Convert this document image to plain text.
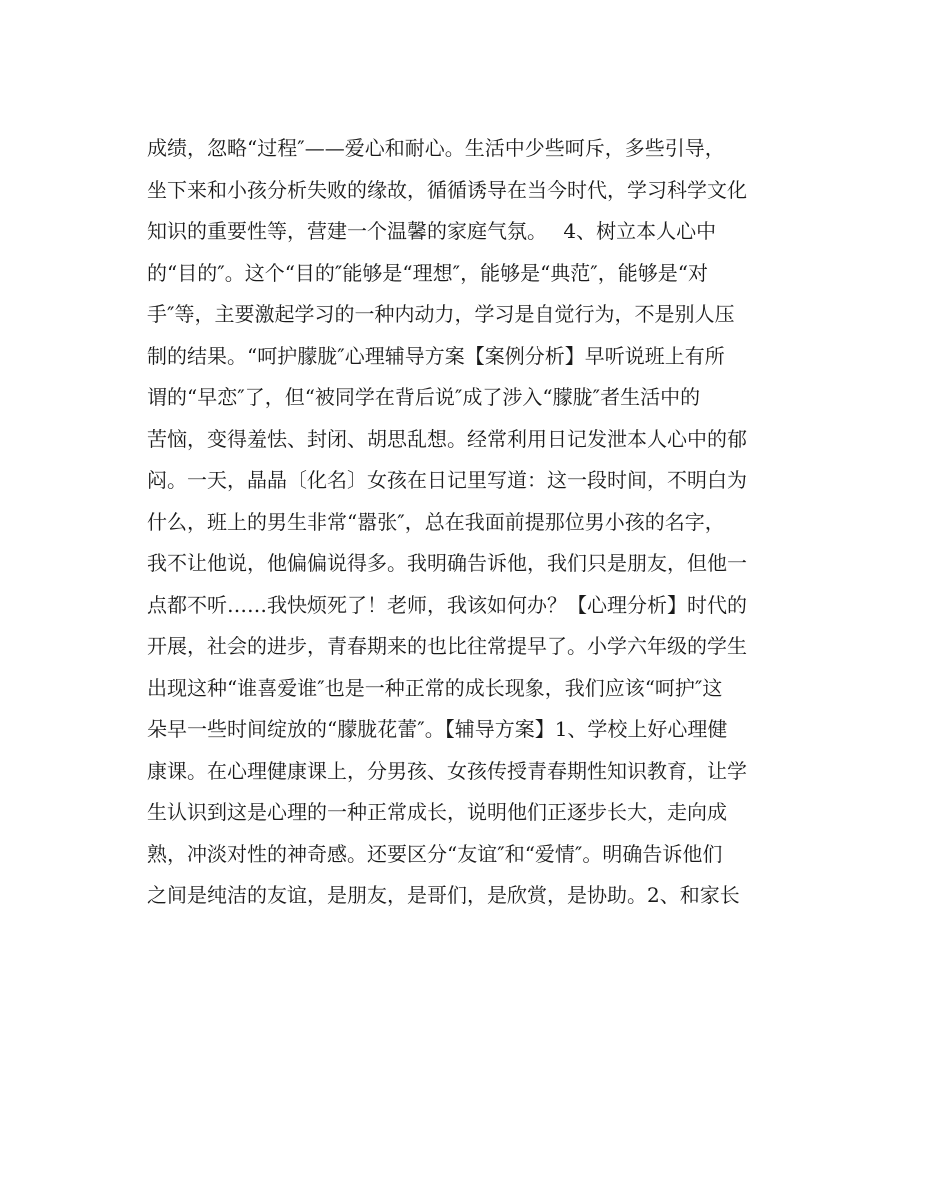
成绩，忽略“过程″——爱心和耐心。生活中少些呵斥，多些引导，
坐下来和小孩分析失败的缘故，循循诱导在当今时代，学习科学文化
知识的重要性等，营建一个温馨的家庭气氛。　 4、树立本人心中
的“目的″。这个“目的″能够是“理想″，能够是“典范″，能够是“对
手″等，主要激起学习的一种内动力，学习是自觉行为，不是别人压
制的结果。“呵护朦胧″心理辅导方案【案例分析】早听说班上有所
谓的“早恋″了，但“被同学在背后说″成了涉入“朦胧″者生活中的
苦恼，变得羞怯、封闭、胡思乱想。经常利用日记发泄本人心中的郁
闷。一天，晶晶〔化名〕女孩在日记里写道：这一段时间，不明白为
什么，班上的男生非常“嚣张″，总在我面前提那位男小孩的名字，
我不让他说，他偏偏说得多。我明确告诉他，我们只是朋友，但他一
点都不听……我快烦死了！老师，我该如何办？【心理分析】时代的
开展，社会的进步，青春期来的也比往常提早了。小学六年级的学生
出现这种“谁喜爱谁″也是一种正常的成长现象，我们应该“呵护″这
朵早一些时间绽放的“朦胧花蕾″。【辅导方案】1、学校上好心理健
康课。在心理健康课上，分男孩、女孩传授青春期性知识教育，让学
生认识到这是心理的一种正常成长，说明他们正逐步长大，走向成
熟，冲淡对性的神奇感。还要区分“友谊″和“爱情″。明确告诉他们
之间是纯洁的友谊，是朋友，是哥们，是欣赏，是协助。2、和家长
